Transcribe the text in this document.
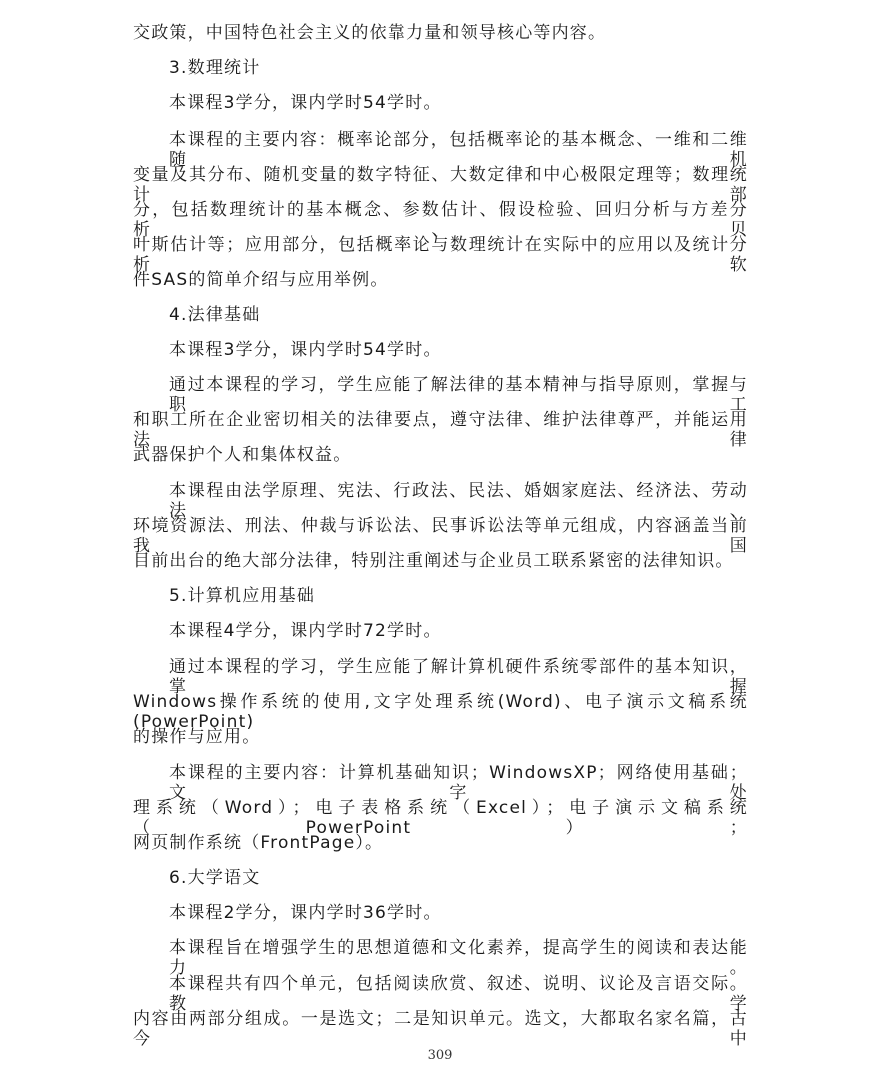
交政策，中国特色社会主义的依靠力量和领导核心等内容。
3.数理统计
本课程3学分，课内学时54学时。
本课程的主要内容：概率论部分，包括概率论的基本概念、一维和二维随机
变量及其分布、随机变量的数字特征、大数定律和中心极限定理等；数理统计部
分，包括数理统计的基本概念、参数估计、假设检验、回归分析与方差分析、贝
叶斯估计等；应用部分，包括概率论与数理统计在实际中的应用以及统计分析软
件SAS的简单介绍与应用举例。
4.法律基础
本课程3学分，课内学时54学时。
通过本课程的学习，学生应能了解法律的基本精神与指导原则，掌握与职工
和职工所在企业密切相关的法律要点，遵守法律、维护法律尊严，并能运用法律
武器保护个人和集体权益。
本课程由法学原理、宪法、行政法、民法、婚姻家庭法、经济法、劳动法、
环境资源法、刑法、仲裁与诉讼法、民事诉讼法等单元组成，内容涵盖当前我国
目前出台的绝大部分法律，特别注重阐述与企业员工联系紧密的法律知识。
5.计算机应用基础
本课程4学分，课内学时72学时。
通过本课程的学习，学生应能了解计算机硬件系统零部件的基本知识，掌握
Windows操作系统的使用,文字处理系统(Word)、电子演示文稿系统(PowerPoint)
的操作与应用。
本课程的主要内容：计算机基础知识；WindowsXP；网络使用基础；文字处
理系统（Word）；电子表格系统（Excel）；电子演示文稿系统（PowerPoint）；
网页制作系统（FrontPage）。
6.大学语文
本课程2学分，课内学时36学时。
本课程旨在增强学生的思想道德和文化素养，提高学生的阅读和表达能力。
本课程共有四个单元，包括阅读欣赏、叙述、说明、议论及言语交际。教学
内容由两部分组成。一是选文；二是知识单元。选文，大都取名家名篇，古今中
309
